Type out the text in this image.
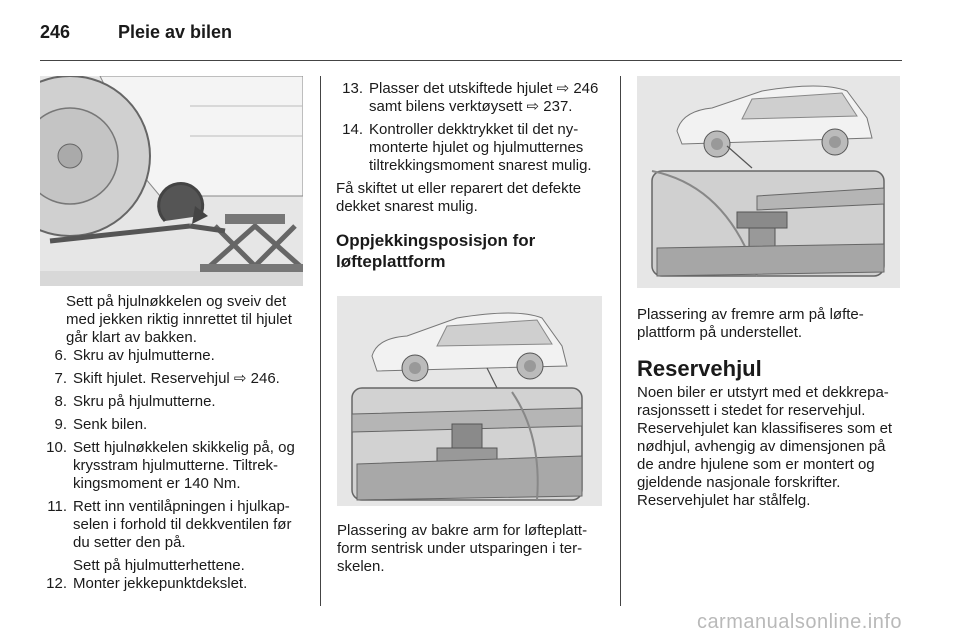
246	Pleie av bilen

Sett på hjulnøkkelen og sveiv det med jekken riktig innrettet til hjulet går klart av bakken.

6. Skru av hjulmutterne.
7. Skift hjulet. Reservehjul ⇨ 246.
8. Skru på hjulmutterne.
9. Senk bilen.
10. Sett hjulnøkkelen skikkelig på, og krysstram hjulmutterne. Tiltrek-kingsmoment er 140 Nm.
11. Rett inn ventilåpningen i hjulkap-selen i forhold til dekkventilen før du setter den på.

Sett på hjulmutterhettene.

12. Monter jekkepunktdekslet.
13. Plasser det utskiftede hjulet ⇨ 246 samt bilens verktøysett ⇨ 237.
14. Kontroller dekktrykket til det ny-monterte hjulet og hjulmutternes tiltrekkingsmoment snarest mulig.

Få skiftet ut eller reparert det defekte dekket snarest mulig.

Oppjekkingsposisjon for løfteplattform

Plassering av bakre arm for løfteplatt-form sentrisk under utsparingen i ter-skelen.

Plassering av fremre arm på løfte-plattform på understellet.

Reservehjul

Noen biler er utstyrt med et dekkrepa-rasjonssett i stedet for reservehjul.

Reservehjulet kan klassifiseres som et nødhjul, avhengig av dimensjonen på de andre hjulene som er montert og gjeldende nasjonale forskrifter.

Reservehjulet har stålfelg.

carmanualsonline.info
